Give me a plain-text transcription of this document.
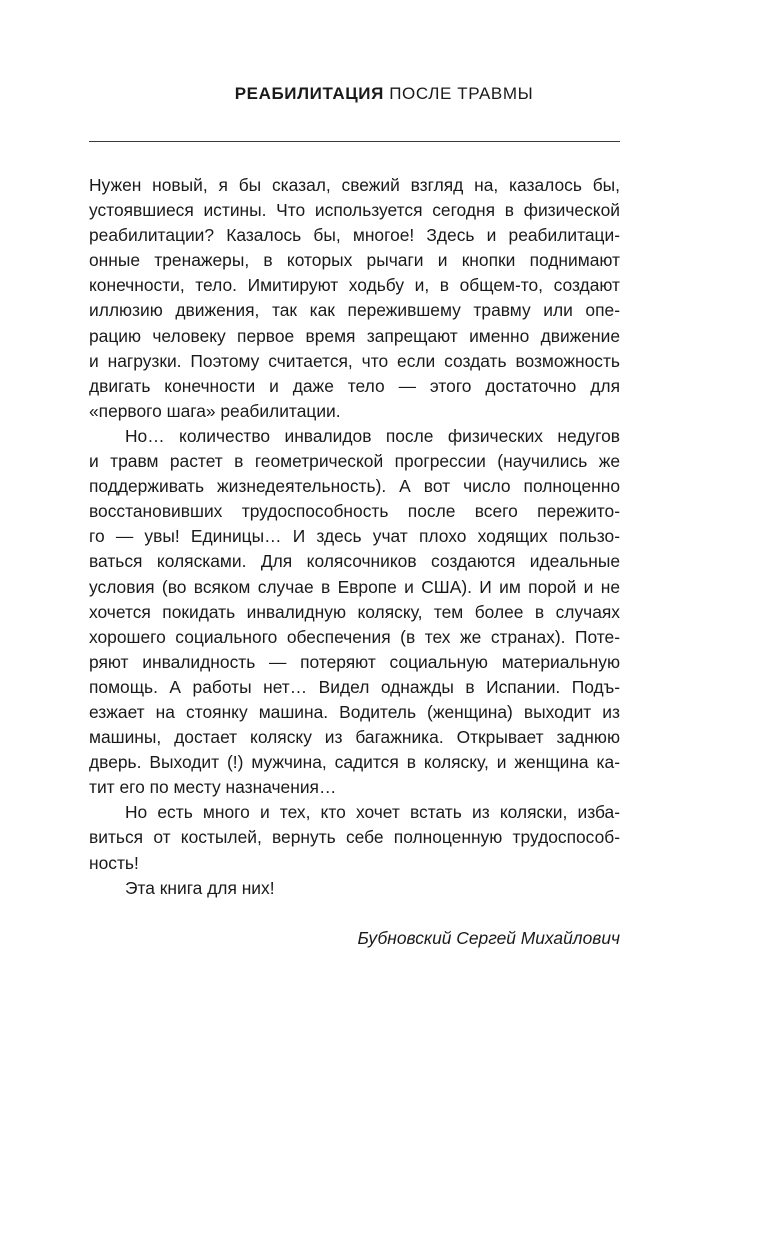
РЕАБИЛИТАЦИЯ ПОСЛЕ ТРАВМЫ
Нужен новый, я бы сказал, свежий взгляд на, казалось бы,
устоявшиеся истины. Что используется сегодня в физической
реабилитации? Казалось бы, многое! Здесь и реабилитаци-
онные тренажеры, в которых рычаги и кнопки поднимают
конечности, тело. Имитируют ходьбу и, в общем-то, создают
иллюзию движения, так как пережившему травму или опе-
рацию человеку первое время запрещают именно движение
и нагрузки. Поэтому считается, что если создать возможность
двигать конечности и даже тело — этого достаточно для
«первого шага» реабилитации.
Но… количество инвалидов после физических недугов
и травм растет в геометрической прогрессии (научились же
поддерживать жизнедеятельность). А вот число полноценно
восстановивших трудоспособность после всего пережито-
го — увы! Единицы… И здесь учат плохо ходящих пользо-
ваться колясками. Для колясочников создаются идеальные
условия (во всяком случае в Европе и США). И им порой и не
хочется покидать инвалидную коляску, тем более в случаях
хорошего социального обеспечения (в тех же странах). Поте-
ряют инвалидность — потеряют социальную материальную
помощь. А работы нет… Видел однажды в Испании. Подъ-
езжает на стоянку машина. Водитель (женщина) выходит из
машины, достает коляску из багажника. Открывает заднюю
дверь. Выходит (!) мужчина, садится в коляску, и женщина ка-
тит его по месту назначения…
Но есть много и тех, кто хочет встать из коляски, изба-
виться от костылей, вернуть себе полноценную трудоспособ-
ность!
Эта книга для них!
Бубновский Сергей Михайлович
